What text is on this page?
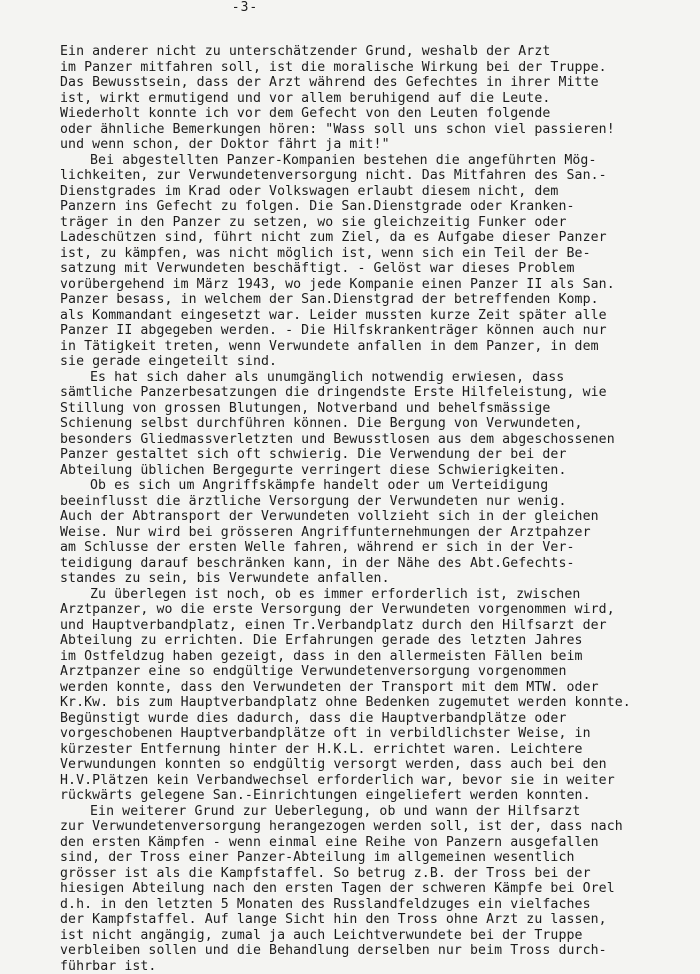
-3-
Ein anderer nicht zu unterschätzender Grund, weshalb der Arzt
im Panzer mitfahren soll, ist die moralische Wirkung bei der Truppe.
Das Bewusstsein, dass der Arzt während des Gefechtes in ihrer Mitte
ist, wirkt ermutigend und vor allem beruhigend auf die Leute.
Wiederholt konnte ich vor dem Gefecht von den Leuten folgende
oder ähnliche Bemerkungen hören: "Wass soll uns schon viel passieren!
und wenn schon, der Doktor fährt ja mit!"
Bei abgestellten Panzer-Kompanien bestehen die angeführten Mög-
lichkeiten, zur Verwundetenversorgung nicht. Das Mitfahren des San.-
Dienstgrades im Krad oder Volkswagen erlaubt diesem nicht, dem
Panzern ins Gefecht zu folgen. Die San.Dienstgrade oder Kranken-
träger in den Panzer zu setzen, wo sie gleichzeitig Funker oder
Ladeschützen sind, führt nicht zum Ziel, da es Aufgabe dieser Panzer
ist, zu kämpfen, was nicht möglich ist, wenn sich ein Teil der Be-
satzung mit Verwundeten beschäftigt. - Gelöst war dieses Problem
vorübergehend im März 1943, wo jede Kompanie einen Panzer II als San.
Panzer besass, in welchem der San.Dienstgrad der betreffenden Komp.
als Kommandant eingesetzt war. Leider mussten kurze Zeit später alle
Panzer II abgegeben werden. - Die Hilfskrankenträger können auch nur
in Tätigkeit treten, wenn Verwundete anfallen in dem Panzer, in dem
sie gerade eingeteilt sind.
Es hat sich daher als unumgänglich notwendig erwiesen, dass
sämtliche Panzerbesatzungen die dringendste Erste Hilfeleistung, wie
Stillung von grossen Blutungen, Notverband und behelfsmässige
Schienung selbst durchführen können. Die Bergung von Verwundeten,
besonders Gliedmassverletzten und Bewusstlosen aus dem abgeschossenen
Panzer gestaltet sich oft schwierig. Die Verwendung der bei der
Abteilung üblichen Bergegurte verringert diese Schwierigkeiten.
Ob es sich um Angriffskämpfe handelt oder um Verteidigung
beeinflusst die ärztliche Versorgung der Verwundeten nur wenig.
Auch der Abtransport der Verwundeten vollzieht sich in der gleichen
Weise. Nur wird bei grösseren Angriffunternehmungen der Arztpahzer
am Schlusse der ersten Welle fahren, während er sich in der Ver-
teidigung darauf beschränken kann, in der Nähe des Abt.Gefechts-
standes zu sein, bis Verwundete anfallen.
Zu überlegen ist noch, ob es immer erforderlich ist, zwischen
Arztpanzer, wo die erste Versorgung der Verwundeten vorgenommen wird,
und Hauptverbandplatz, einen Tr.Verbandplatz durch den Hilfsarzt der
Abteilung zu errichten. Die Erfahrungen gerade des letzten Jahres
im Ostfeldzug haben gezeigt, dass in den allermeisten Fällen beim
Arztpanzer eine so endgültige Verwundetenversorgung vorgenommen
werden konnte, dass den Verwundeten der Transport mit dem MTW. oder
Kr.Kw. bis zum Hauptverbandplatz ohne Bedenken zugemutet werden konnte.
Begünstigt wurde dies dadurch, dass die Hauptverbandplätze oder
vorgeschobenen Hauptverbandplätze oft in verbildlichster Weise, in
kürzester Entfernung hinter der H.K.L. errichtet waren. Leichtere
Verwundungen konnten so endgültig versorgt werden, dass auch bei den
H.V.Plätzen kein Verbandwechsel erforderlich war, bevor sie in weiter
rückwärts gelegene San.-Einrichtungen eingeliefert werden konnten.
Ein weiterer Grund zur Ueberlegung, ob und wann der Hilfsarzt
zur Verwundetenversorgung herangezogen werden soll, ist der, dass nach
den ersten Kämpfen - wenn einmal eine Reihe von Panzern ausgefallen
sind, der Tross einer Panzer-Abteilung im allgemeinen wesentlich
grösser ist als die Kampfstaffel. So betrug z.B. der Tross bei der
hiesigen Abteilung nach den ersten Tagen der schweren Kämpfe bei Orel
d.h. in den letzten 5 Monaten des Russlandfeldzuges ein vielfaches
der Kampfstaffel. Auf lange Sicht hin den Tross ohne Arzt zu lassen,
ist nicht angängig, zumal ja auch Leichtverwundete bei der Truppe
verbleiben sollen und die Behandlung derselben nur beim Tross durch-
führbar ist.
